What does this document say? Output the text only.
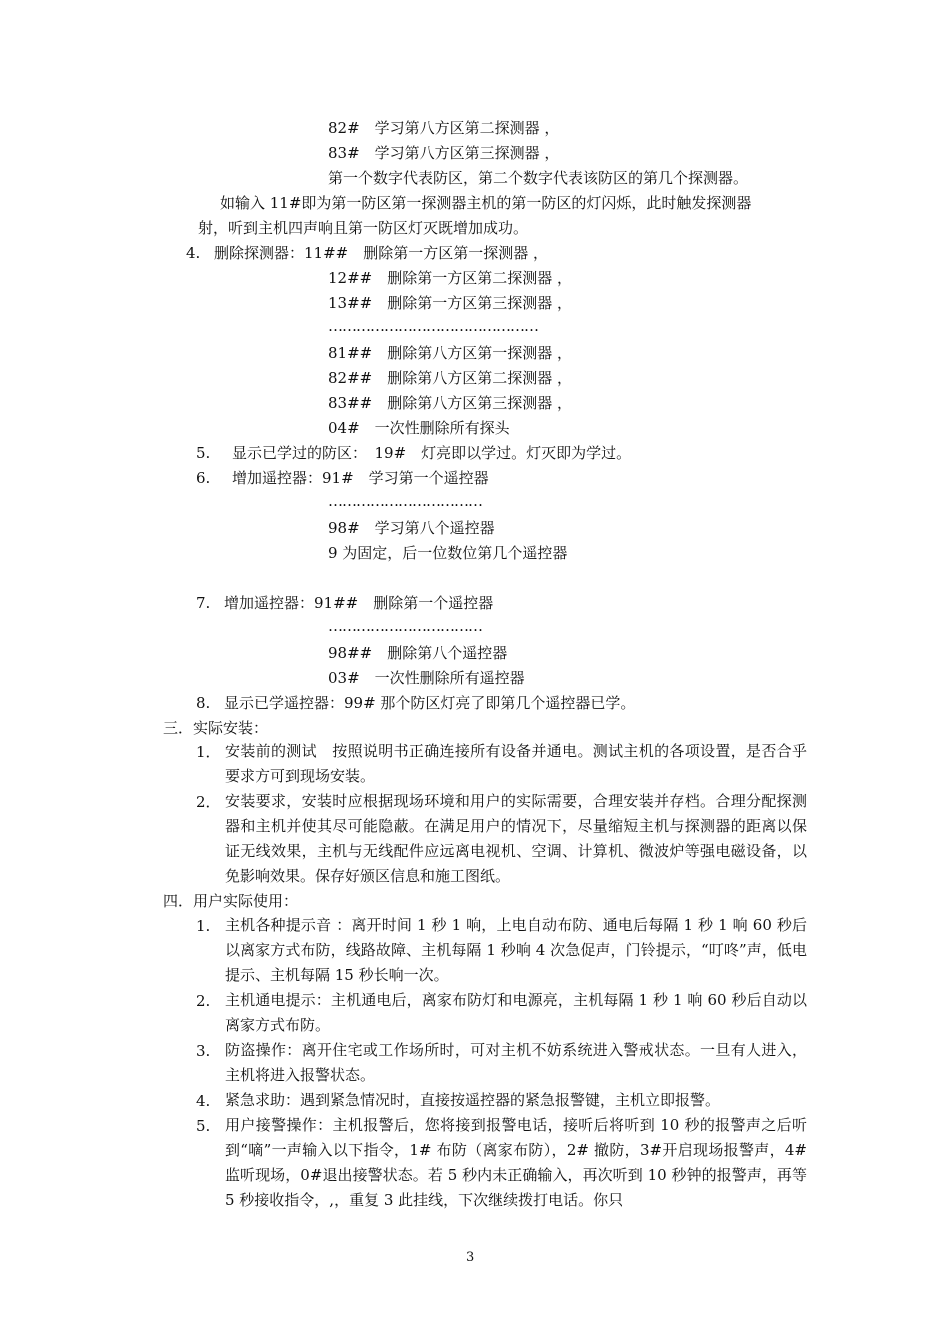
82#　学习第八方区第二探测器 ，
83#　学习第八方区第三探测器 ，
第一个数字代表防区，第二个数字代表该防区的第几个探测器。
如输入 11#即为第一防区第一探测器主机的第一防区的灯闪烁，此时触发探测器
射，听到主机四声响且第一防区灯灭既增加成功。
4. 删除探测器：11##　删除第一方区第一探测器 ，
12##　删除第一方区第二探测器 ，
13##　删除第一方区第三探测器 ，
………………………………………
81##　删除第八方区第一探测器 ，
82##　删除第八方区第二探测器 ，
83##　删除第八方区第三探测器 ，
04#　一次性删除所有探头
5. 显示已学过的防区：　19#　灯亮即以学过。灯灭即为学过。
6. 增加遥控器：91#　学习第一个遥控器
……………………………
98#　学习第八个遥控器
9 为固定，后一位数位第几个遥控器
7. 增加遥控器：91##　删除第一个遥控器
……………………………
98##　删除第八个遥控器
03#　一次性删除所有遥控器
8. 显示已学遥控器：99# 那个防区灯亮了即第几个遥控器已学。
三．实际安装：
1． 安装前的测试　按照说明书正确连接所有设备并通电。测试主机的各项设置，是否合乎要求方可到现场安装。
2． 安装要求，安装时应根据现场环境和用户的实际需要，合理安装并存档。合理分配探测器和主机并使其尽可能隐蔽。在满足用户的情况下，尽量缩短主机与探测器的距离以保证无线效果，主机与无线配件应远离电视机、空调、计算机、微波炉等强电磁设备，以免影响效果。保存好颁区信息和施工图纸。
四．用户实际使用：
1. 主机各种提示音 ：离开时间 1 秒 1 响，上电自动布防、通电后每隔 1 秒 1 响 60 秒后以离家方式布防，线路故障、主机每隔 1 秒响 4 次急促声，门铃提示，“叮咚”声，低电提示、主机每隔 15 秒长响一次。
2. 主机通电提示：主机通电后，离家布防灯和电源亮，主机每隔 1 秒 1 响 60 秒后自动以离家方式布防。
3. 防盗操作：离开住宅或工作场所时，可对主机不妨系统进入警戒状态。一旦有人进入，主机将进入报警状态。
4. 紧急求助：遇到紧急情况时，直接按遥控器的紧急报警键，主机立即报警。
5. 用户接警操作：主机报警后，您将接到报警电话，接听后将听到 10 秒的报警声之后听到“嘀”一声输入以下指令，1# 布防（离家布防），2# 撤防，3#开启现场报警声，4#监听现场，0#退出接警状态。若 5 秒内未正确输入，再次听到 10 秒钟的报警声，再等 5 秒接收指令，,，重复 3 此挂线，下次继续拨打电话。你只
3
